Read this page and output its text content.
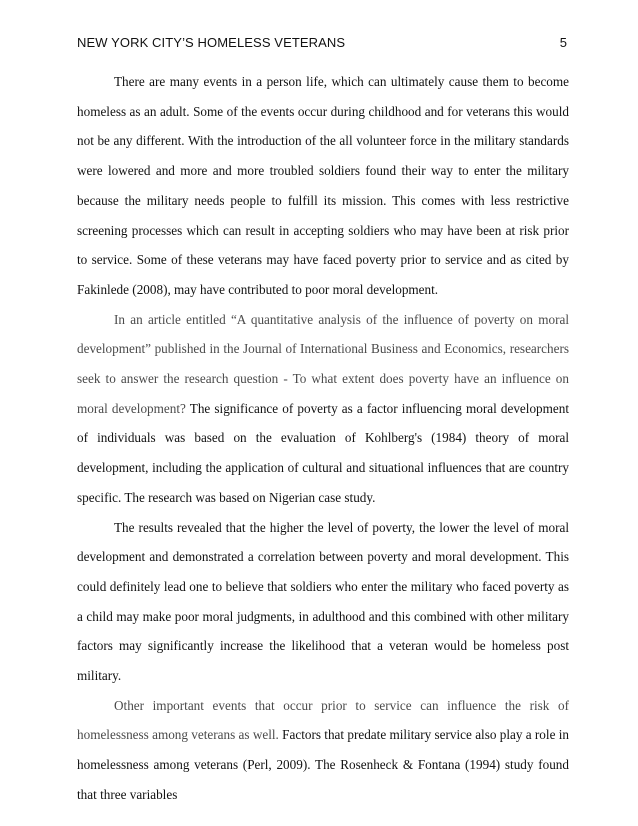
NEW YORK CITY’S HOMELESS VETERANS	5

There are many events in a person life, which can ultimately cause them to become homeless as an adult. Some of the events occur during childhood and for veterans this would not be any different. With the introduction of the all volunteer force in the military standards were lowered and more and more troubled soldiers found their way to enter the military because the military needs people to fulfill its mission. This comes with less restrictive screening processes which can result in accepting soldiers who may have been at risk prior to service. Some of these veterans may have faced poverty prior to service and as cited by Fakinlede (2008), may have contributed to poor moral development.

In an article entitled “A quantitative analysis of the influence of poverty on moral development” published in the Journal of International Business and Economics, researchers seek to answer the research question - To what extent does poverty have an influence on moral development? The significance of poverty as a factor influencing moral development of individuals was based on the evaluation of Kohlberg's (1984) theory of moral development, including the application of cultural and situational influences that are country specific. The research was based on Nigerian case study.

The results revealed that the higher the level of poverty, the lower the level of moral development and demonstrated a correlation between poverty and moral development. This could definitely lead one to believe that soldiers who enter the military who faced poverty as a child may make poor moral judgments, in adulthood and this combined with other military factors may significantly increase the likelihood that a veteran would be homeless post military.

Other important events that occur prior to service can influence the risk of homelessness among veterans as well. Factors that predate military service also play a role in homelessness among veterans (Perl, 2009). The Rosenheck & Fontana (1994) study found that three variables
